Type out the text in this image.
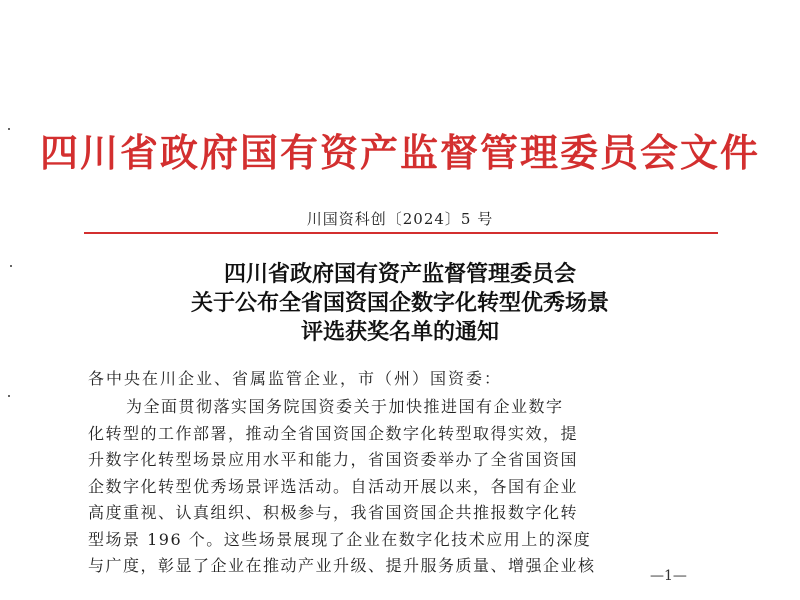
四川省政府国有资产监督管理委员会文件
川国资科创〔2024〕5 号
四川省政府国有资产监督管理委员会
关于公布全省国资国企数字化转型优秀场景
评选获奖名单的通知
各中央在川企业、省属监管企业，市（州）国资委：
为全面贯彻落实国务院国资委关于加快推进国有企业数字
化转型的工作部署，推动全省国资国企数字化转型取得实效，提
升数字化转型场景应用水平和能力，省国资委举办了全省国资国
企数字化转型优秀场景评选活动。自活动开展以来，各国有企业
高度重视、认真组织、积极参与，我省国资国企共推报数字化转
型场景 196 个。这些场景展现了企业在数字化技术应用上的深度
与广度，彰显了企业在推动产业升级、提升服务质量、增强企业核
—1—
